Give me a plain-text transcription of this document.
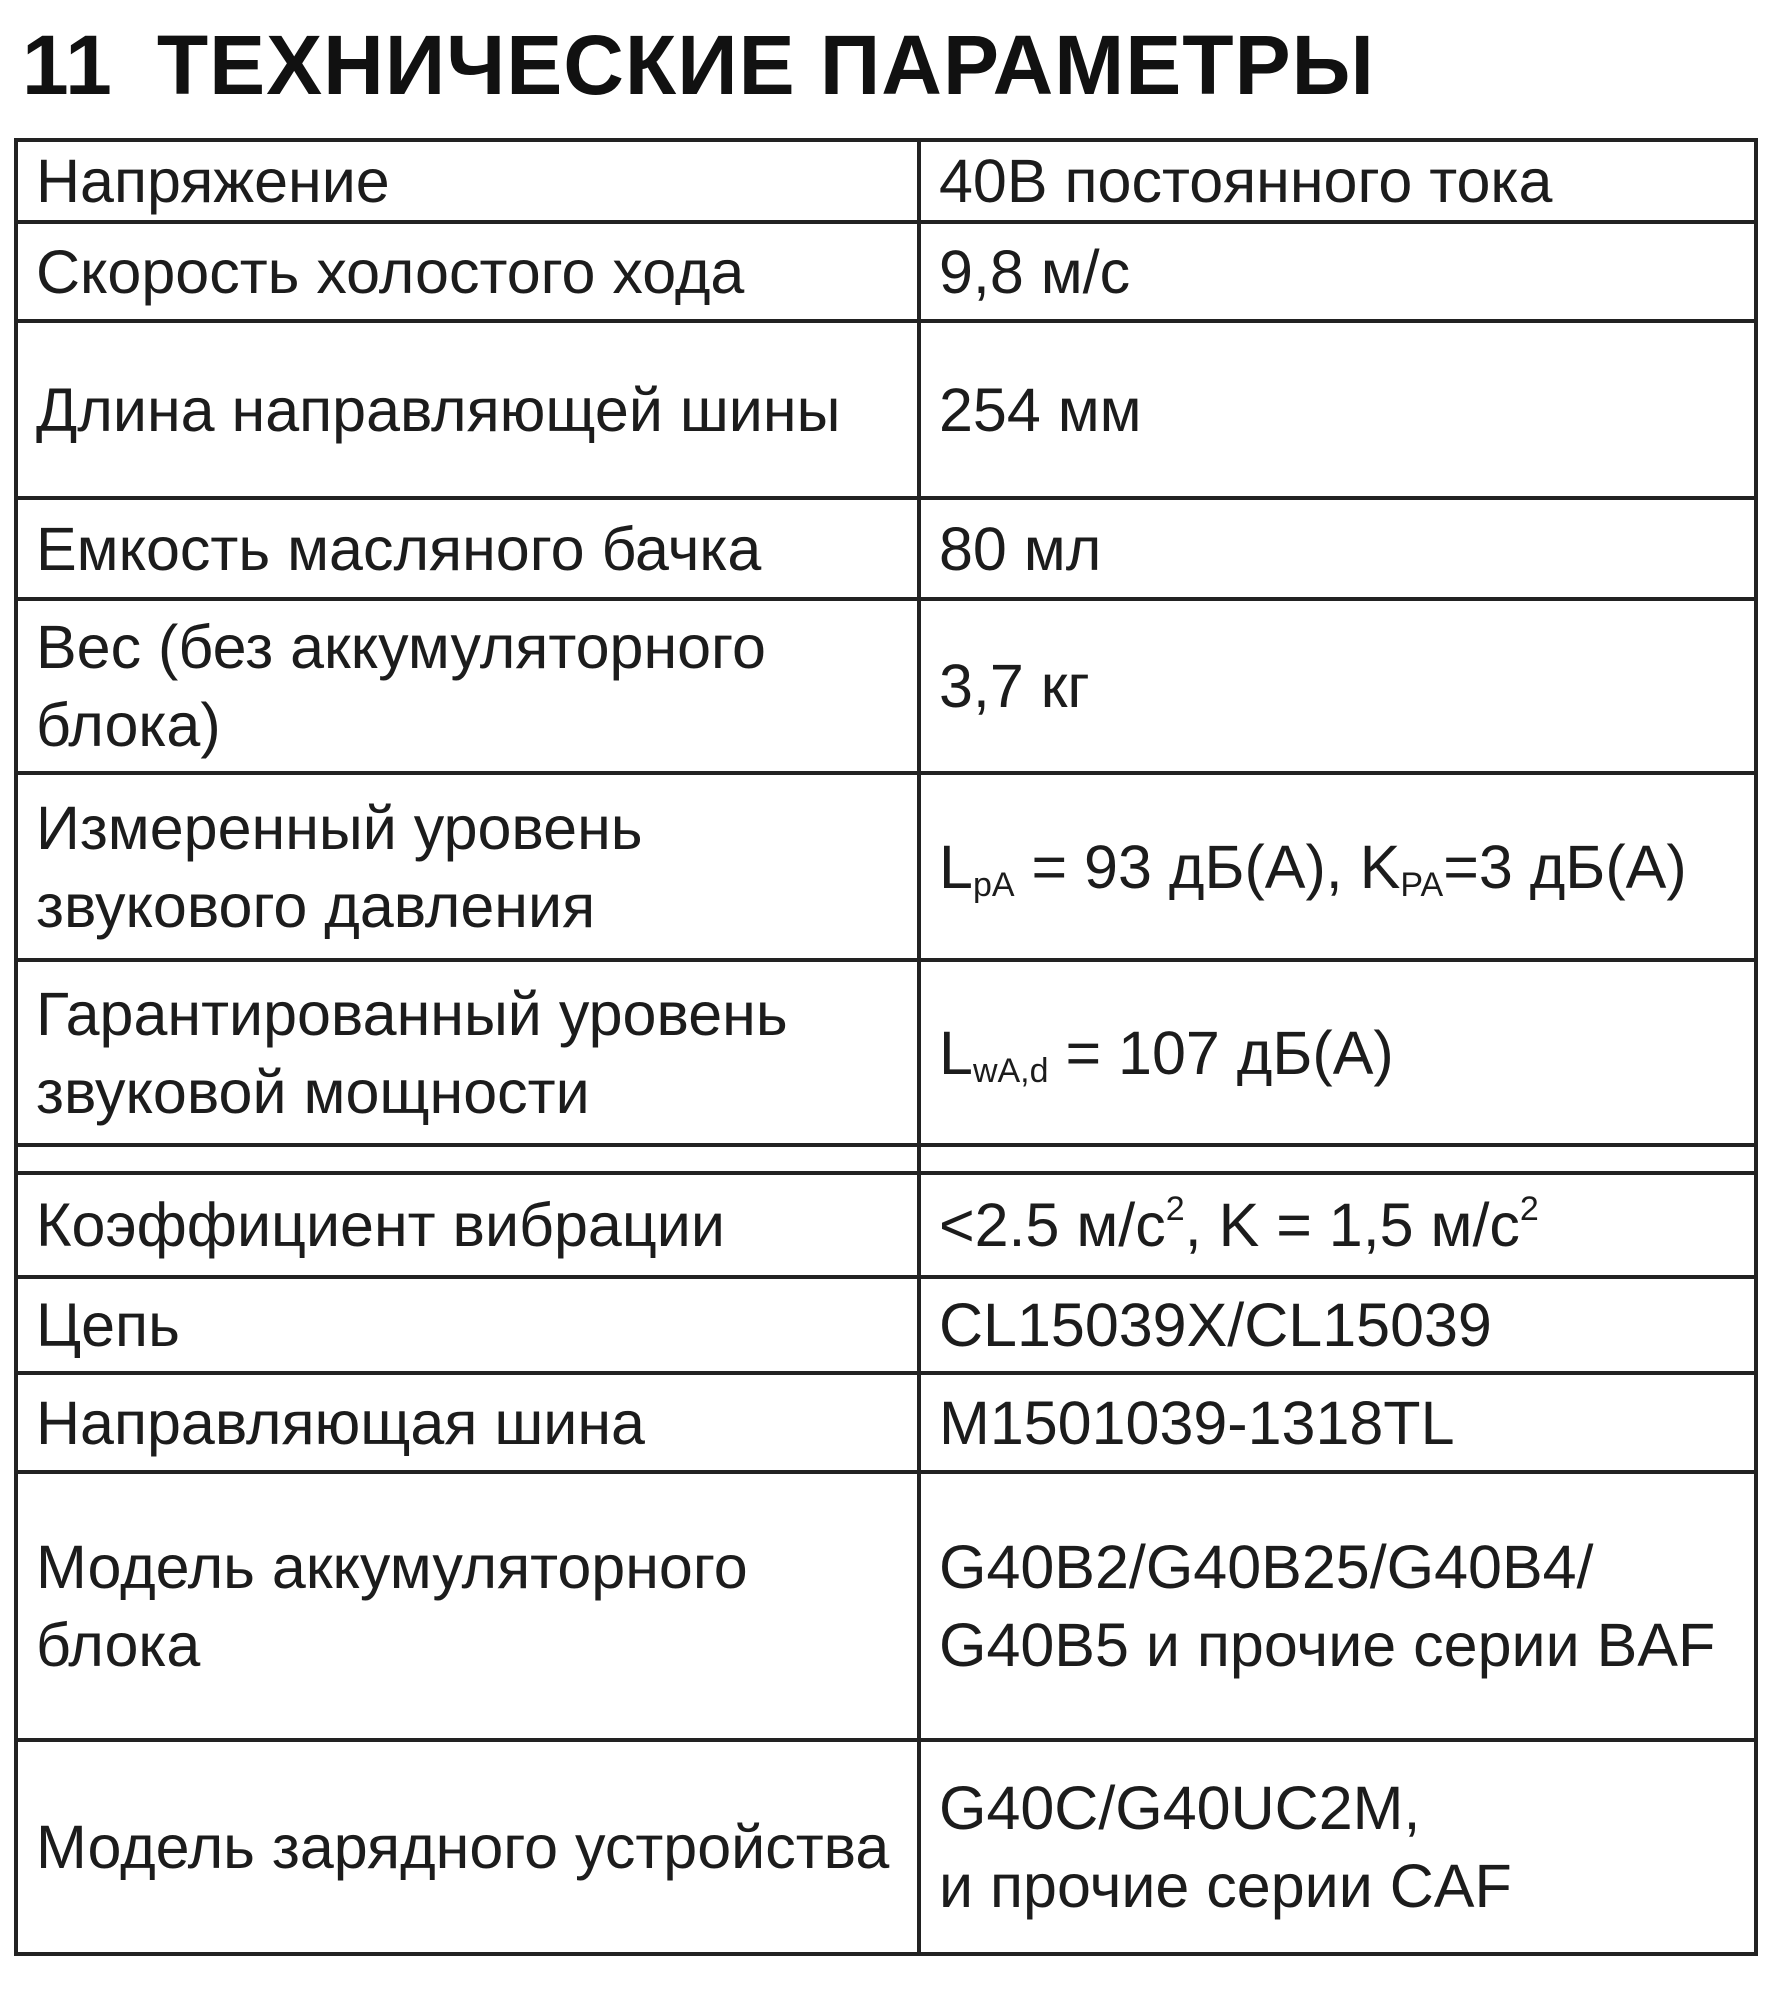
11 ТЕХНИЧЕСКИЕ ПАРАМЕТРЫ
Напряжение	40В постоянного тока
Скорость холостого хода	9,8 м/с
Длина направляющей шины	254 мм
Емкость масляного бачка	80 мл
Вес (без аккумуляторного блока)	3,7 кг
Измеренный уровень звукового давления	$L_{pA} = 93$ дБ(A), $K_{PA}=3$ дБ(A)
Гарантированный уровень звуковой мощности	$L_{wA,d} = 107$ дБ(A)

Коэффициент вибрации	<2.5 $м/с^2$, K = 1,5 $м/с^2$
Цепь	CL15039X/CL15039
Направляющая шина	M1501039-1318TL
Модель аккумуляторного блока	G40B2/G40B25/G40B4/ G40B5 и прочие серии BAF
Модель зарядного устройства	G40C/G40UC2M,
и прочие серии CAF
